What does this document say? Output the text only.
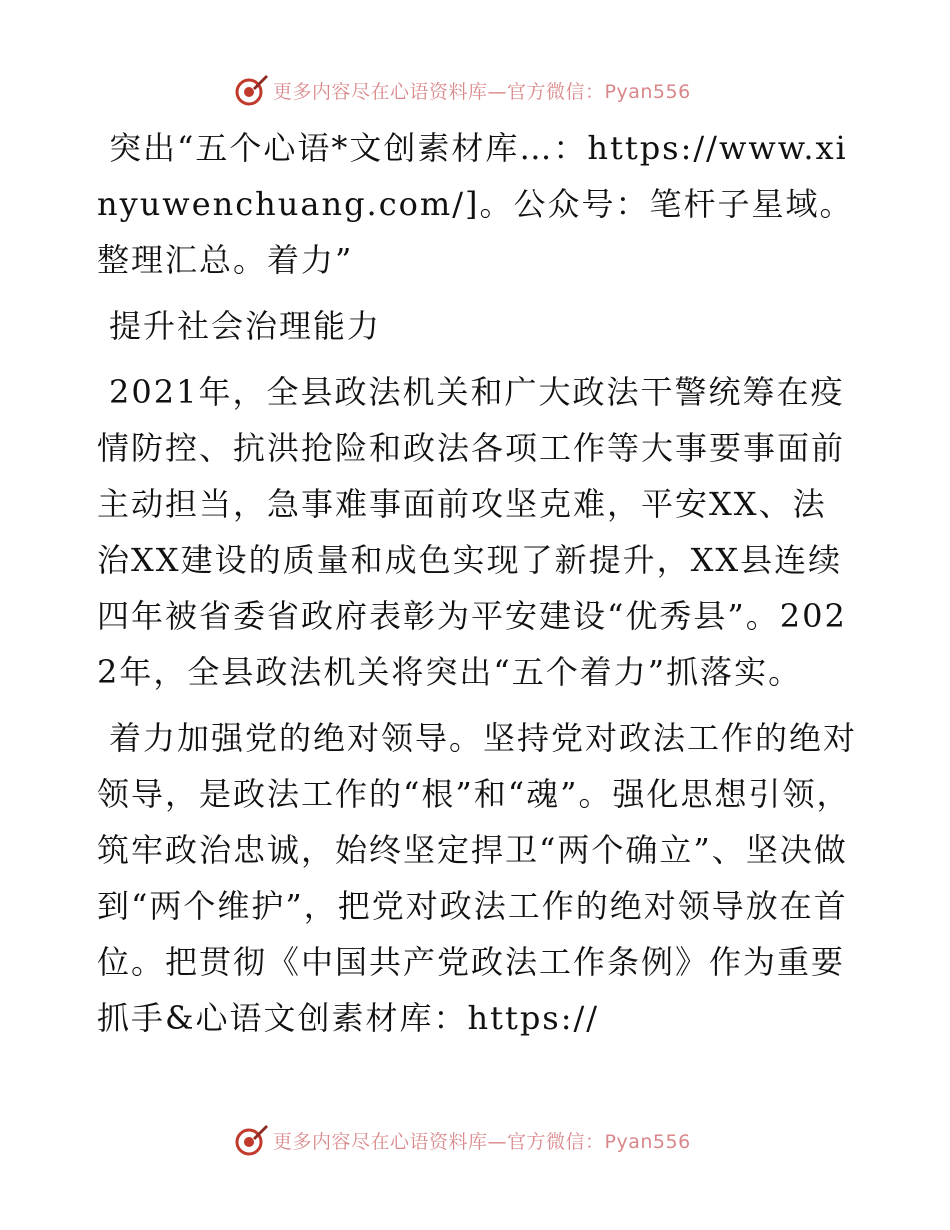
更多内容尽在心语资料库—官方微信：Pyan556

突出“五个心语*文创素材库…：https://www.xinyuwenchuang.com/]。公众号：笔杆子星域。整理汇总。着力”

提升社会治理能力

2021年，全县政法机关和广大政法干警统筹在疫情防控、抗洪抢险和政法各项工作等大事要事面前主动担当，急事难事面前攻坚克难，平安XX、法治XX建设的质量和成色实现了新提升，XX县连续四年被省委省政府表彰为平安建设“优秀县”。2022年，全县政法机关将突出“五个着力”抓落实。

着力加强党的绝对领导。坚持党对政法工作的绝对领导，是政法工作的“根”和“魂”。强化思想引领，筑牢政治忠诚，始终坚定捍卫“两个确立”、坚决做到“两个维护”，把党对政法工作的绝对领导放在首位。把贯彻《中国共产党政法工作条例》作为重要抓手&心语文创素材库：https://

更多内容尽在心语资料库—官方微信：Pyan556
